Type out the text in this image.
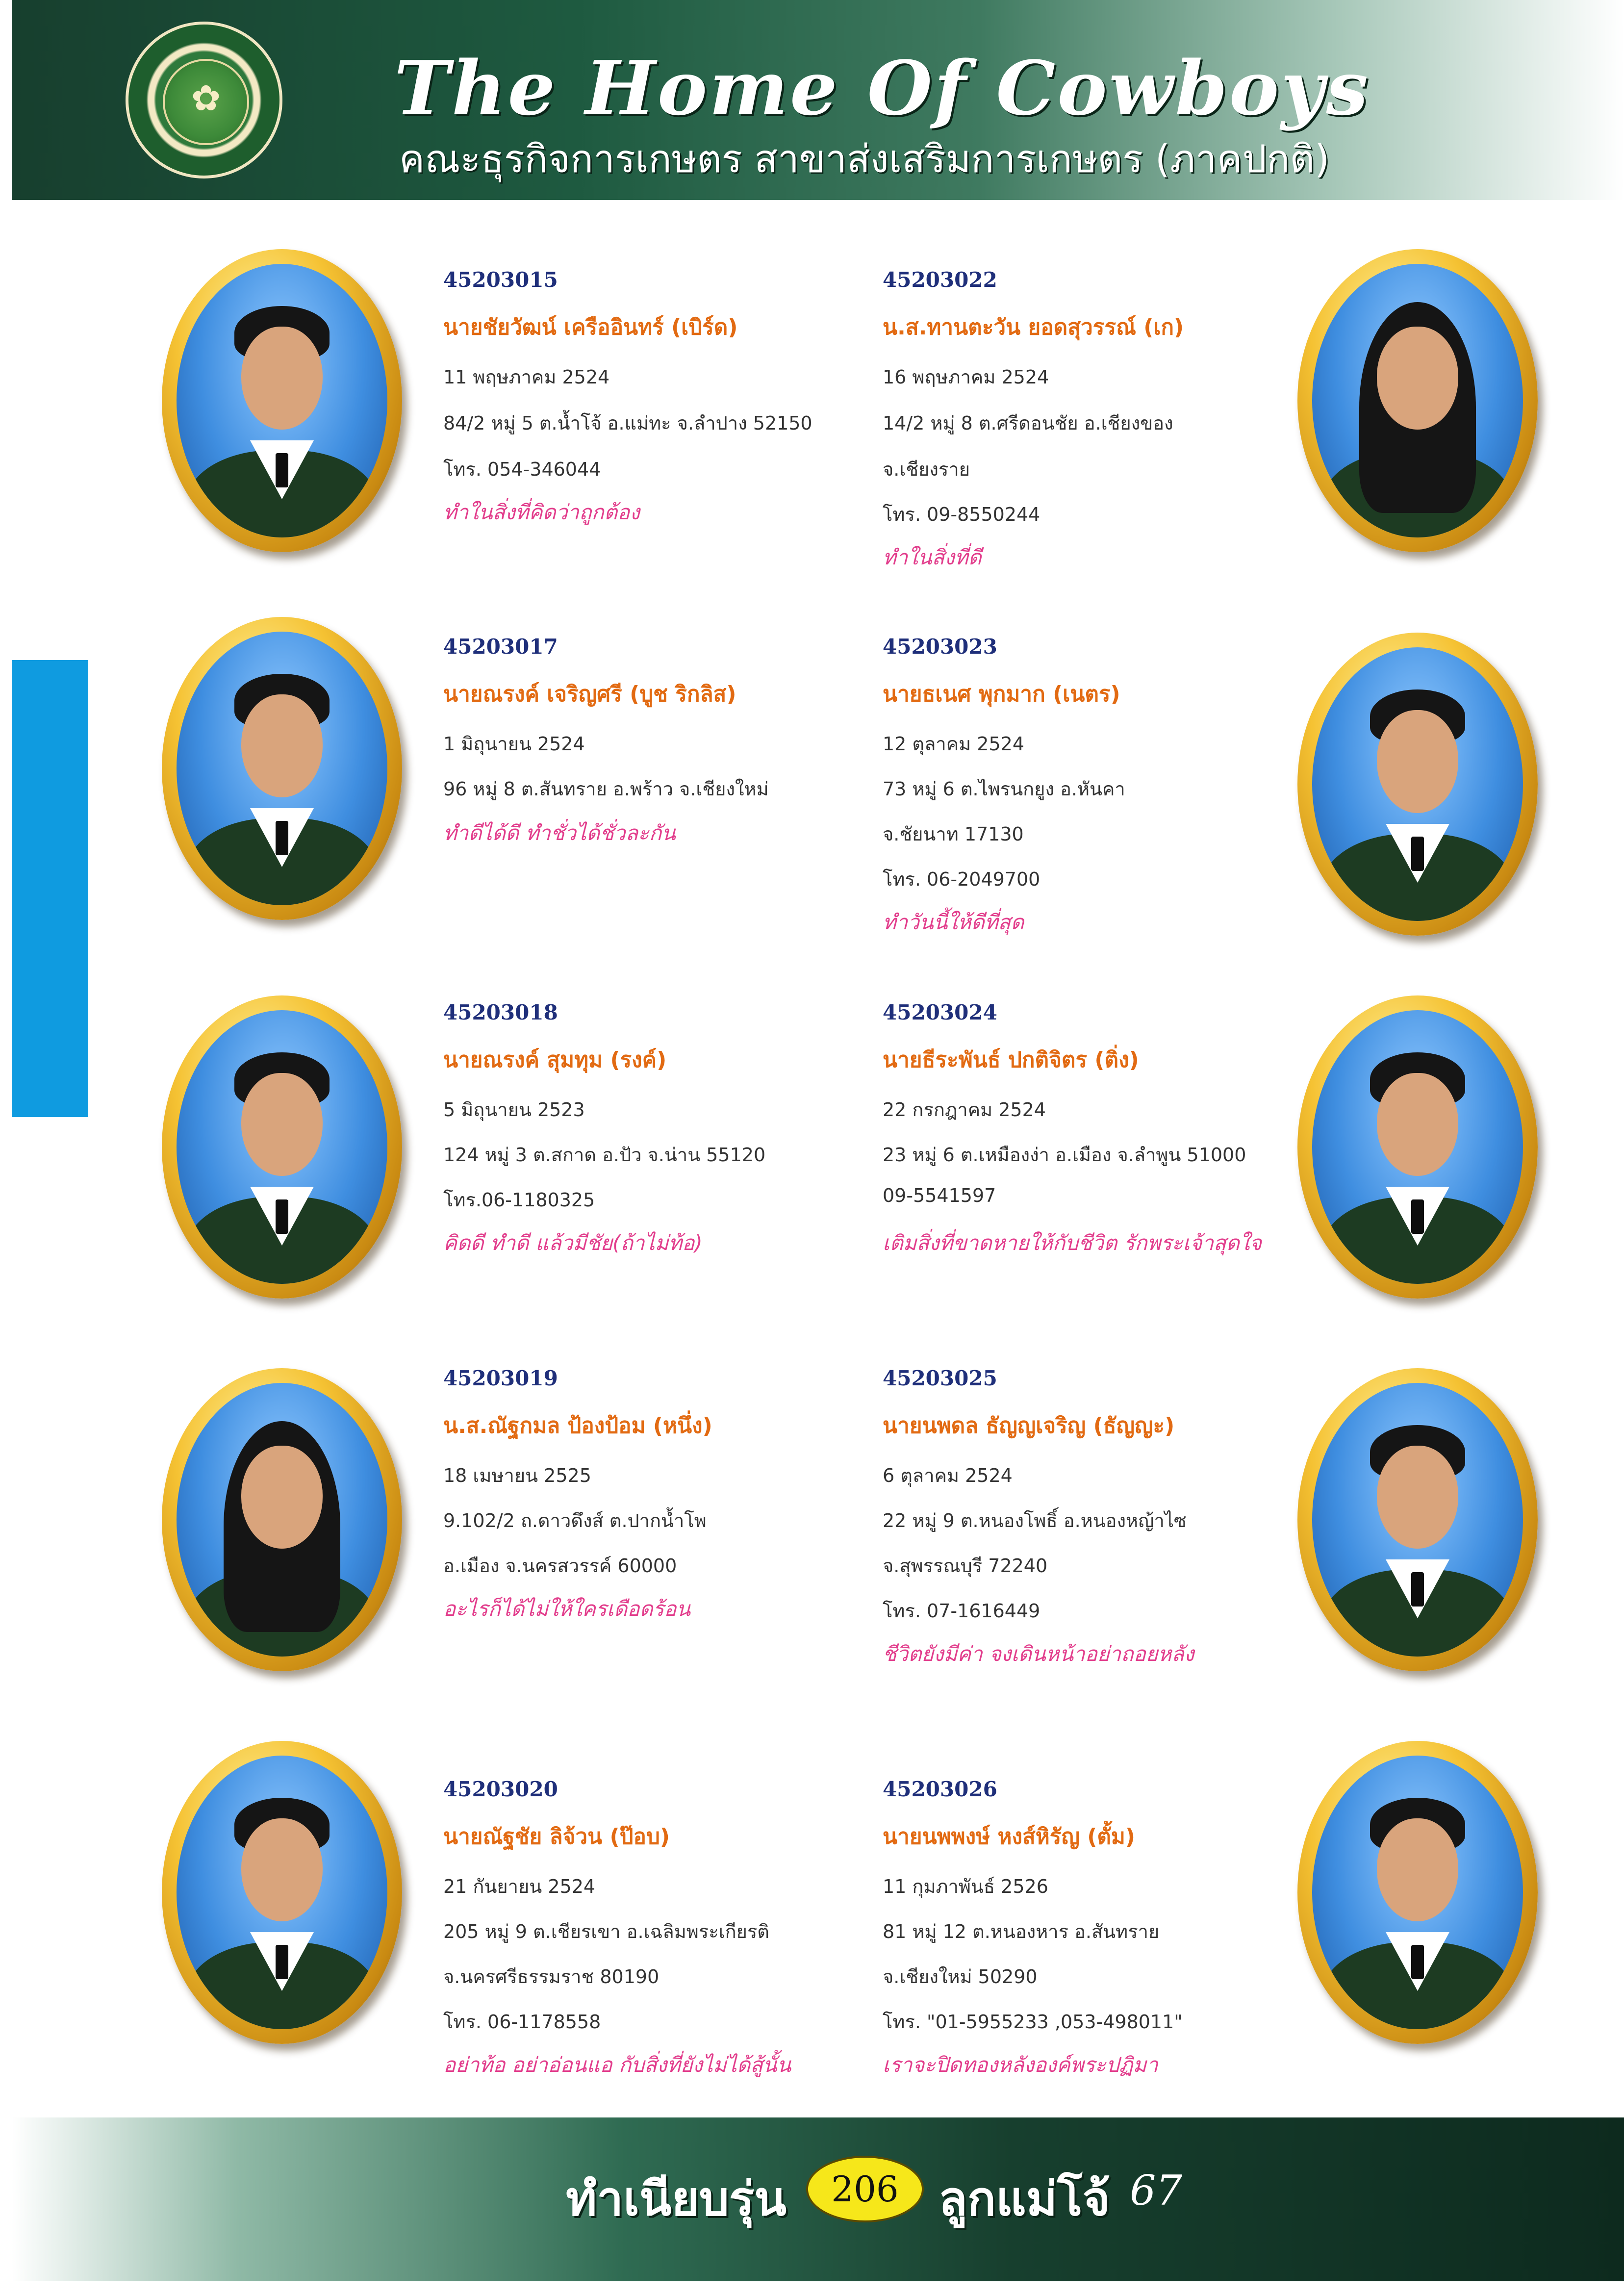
✿	The Home Of Cowboys
คณะธุรกิจการเกษตร สาขาส่งเสริมการเกษตร (ภาคปกติ)
45203015
นายชัยวัฒน์ เครืออินทร์ (เบิร์ด)
11 พฤษภาคม 2524
84/2 หมู่ 5 ต.น้ำโจ้ อ.แม่ทะ จ.ลำปาง 52150
โทร. 054-346044
ทำในสิ่งที่คิดว่าถูกต้อง
45203017
นายณรงค์ เจริญศรี (บูช ริกลิส)
1 มิถุนายน 2524
96 หมู่ 8 ต.สันทราย อ.พร้าว จ.เชียงใหม่
ทำดีได้ดี ทำชั่วได้ชั่วละกัน
45203018
นายณรงค์ สุมทุม (รงค์)
5 มิถุนายน 2523
124 หมู่ 3 ต.สกาด อ.ปัว จ.น่าน 55120
โทร.06-1180325
คิดดี ทำดี แล้วมีชัย(ถ้าไม่ท้อ)
45203019
น.ส.ณัฐกมล ป้องป้อม (หนึ่ง)
18 เมษายน 2525
9.102/2 ถ.ดาวดึงส์ ต.ปากน้ำโพ
อ.เมือง จ.นครสวรรค์ 60000
อะไรก็ได้ไม่ให้ใครเดือดร้อน
45203020
นายณัฐชัย ลิจ้วน (ป๊อบ)
21 กันยายน 2524
205 หมู่ 9 ต.เชียรเขา อ.เฉลิมพระเกียรติ
จ.นครศรีธรรมราช 80190
โทร. 06-1178558
อย่าท้อ อย่าอ่อนแอ กับสิ่งที่ยังไม่ได้สู้นั้น
45203022
น.ส.ทานตะวัน ยอดสุวรรณ์ (เก)
16 พฤษภาคม 2524
14/2 หมู่ 8 ต.ศรีดอนชัย อ.เชียงของ
จ.เชียงราย
โทร. 09-8550244
ทำในสิ่งที่ดี
45203023
นายธเนศ พุกมาก (เนตร)
12 ตุลาคม 2524
73 หมู่ 6 ต.ไพรนกยูง อ.หันคา
จ.ชัยนาท 17130
โทร. 06-2049700
ทำวันนี้ให้ดีที่สุด
45203024
นายธีระพันธ์ ปกติจิตร (ติ่ง)
22 กรกฎาคม 2524
23 หมู่ 6 ต.เหมืองง่า อ.เมือง จ.ลำพูน 51000
09-5541597
เติมสิ่งที่ขาดหายให้กับชีวิต รักพระเจ้าสุดใจ
45203025
นายนพดล ธัญญเจริญ (ธัญญะ)
6 ตุลาคม 2524
22 หมู่ 9 ต.หนองโพธิ์ อ.หนองหญ้าไซ
จ.สุพรรณบุรี 72240
โทร. 07-1616449
ชีวิตยังมีค่า จงเดินหน้าอย่าถอยหลัง
45203026
นายนพพงษ์ หงส์หิรัญ (ตั้ม)
11 กุมภาพันธ์ 2526
81 หมู่ 12 ต.หนองหาร อ.สันทราย
จ.เชียงใหม่ 50290
โทร. "01-5955233 ,053-498011"
เราจะปิดทองหลังองค์พระปฏิมา
ทำเนียบรุ่น	206 ลูกแม่โจ้ 67
